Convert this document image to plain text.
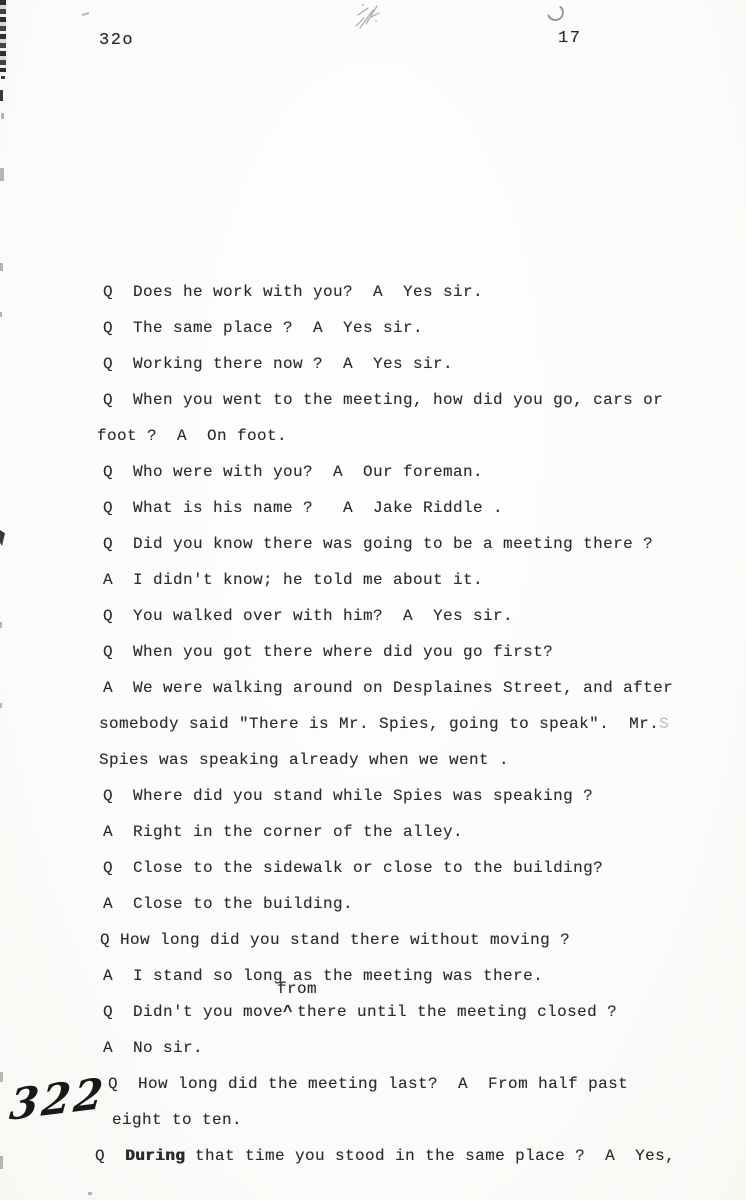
32o	17
Q  Does he work with you?  A  Yes sir.
Q  The same place ?  A  Yes sir.
Q  Working there now ?  A  Yes sir.
Q  When you went to the meeting, how did you go, cars or
foot ?  A  On foot.
Q  Who were with you?  A  Our foreman.
Q  What is his name ?   A  Jake Riddle .
Q  Did you know there was going to be a meeting there ?
A  I didn't know; he told me about it.
Q  You walked over with him?  A  Yes sir.
Q  When you got there where did you go first?
A  We were walking around on Desplaines Street, and after
somebody said "There is Mr. Spies, going to speak".  Mr.S
Spies was speaking already when we went .
Q  Where did you stand while Spies was speaking ?
A  Right in the corner of the alley.
Q  Close to the sidewalk or close to the building?
A  Close to the building.
Q How long did you stand there without moving ?
A  I stand so long as the meeting was there.
Q  Didn't you move
from
^ there until the meeting closed ?
A  No sir.
Q  How long did the meeting last?  A  From half past
eight to ten.
Q  During that time you stood in the same place ?  A  Yes,
322
